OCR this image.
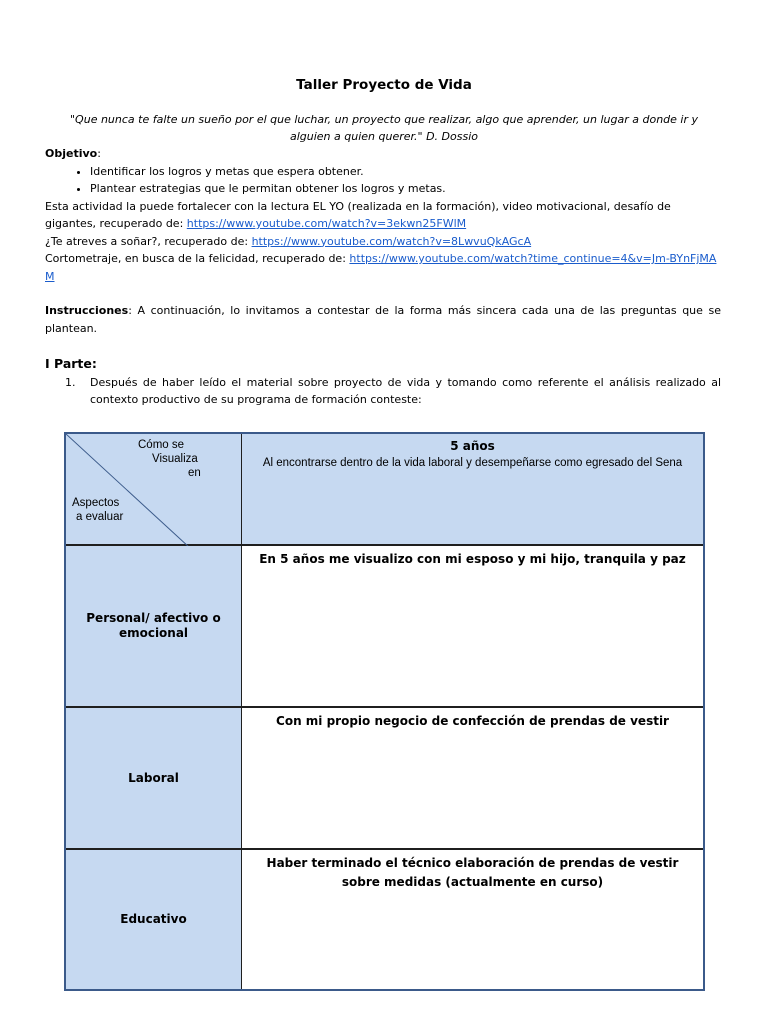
Taller Proyecto de Vida
"Que nunca te falte un sueño por el que luchar, un proyecto que realizar, algo que aprender, un lugar a donde ir y alguien a quien querer." D. Dossio
Objetivo:
• Identificar los logros y metas que espera obtener.
• Plantear estrategias que le permitan obtener los logros y metas.
Esta actividad la puede fortalecer con la lectura EL YO (realizada en la formación), video motivacional, desafío de gigantes, recuperado de: https://www.youtube.com/watch?v=3ekwn25FWlM
¿Te atreves a soñar?, recuperado de: https://www.youtube.com/watch?v=8LwvuQkAGcA
Cortometraje, en busca de la felicidad, recuperado de: https://www.youtube.com/watch?time_continue=4&v=Jm-BYnFjMAM
Instrucciones: A continuación, lo invitamos a contestar de la forma más sincera cada una de las preguntas que se plantean.
I Parte:
1. Después de haber leído el material sobre proyecto de vida y tomando como referente el análisis realizado al contexto productivo de su programa de formación conteste:
Cómo se
Visualiza
en
Aspectos
a evaluar
5 años
Al encontrarse dentro de la vida laboral y desempeñarse como egresado del Sena
Personal/ afectivo o emocional
En 5 años me visualizo con mi esposo y mi hijo, tranquila y paz
Laboral
Con mi propio negocio de confección de prendas de vestir
Educativo
Haber terminado el técnico elaboración de prendas de vestir sobre medidas (actualmente en curso)
